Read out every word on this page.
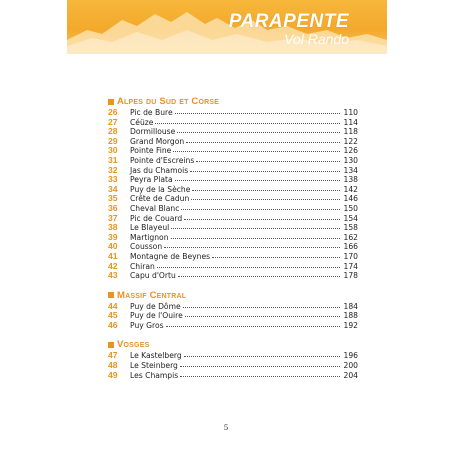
PARAPENTE
Vol Rando
Alpes du Sud et Corse
26	Pic de Bure	110
27	Céüze	114
28	Dormillouse	118
29	Grand Morgon	122
30	Pointe Fine	126
31	Pointe d'Escreins	130
32	Jas du Chamois	134
33	Peyra Plata	138
34	Puy de la Sèche	142
35	Crête de Cadun	146
36	Cheval Blanc	150
37	Pic de Couard	154
38	Le Blayeul	158
39	Martignon	162
40	Cousson	166
41	Montagne de Beynes	170
42	Chiran	174
43	Capu d'Ortu	178
Massif Central
44	Puy de Dôme	184
45	Puy de l'Ouire	188
46	Puy Gros	192
Vosges
47	Le Kastelberg	196
48	Le Steinberg	200
49	Les Champis	204
5
